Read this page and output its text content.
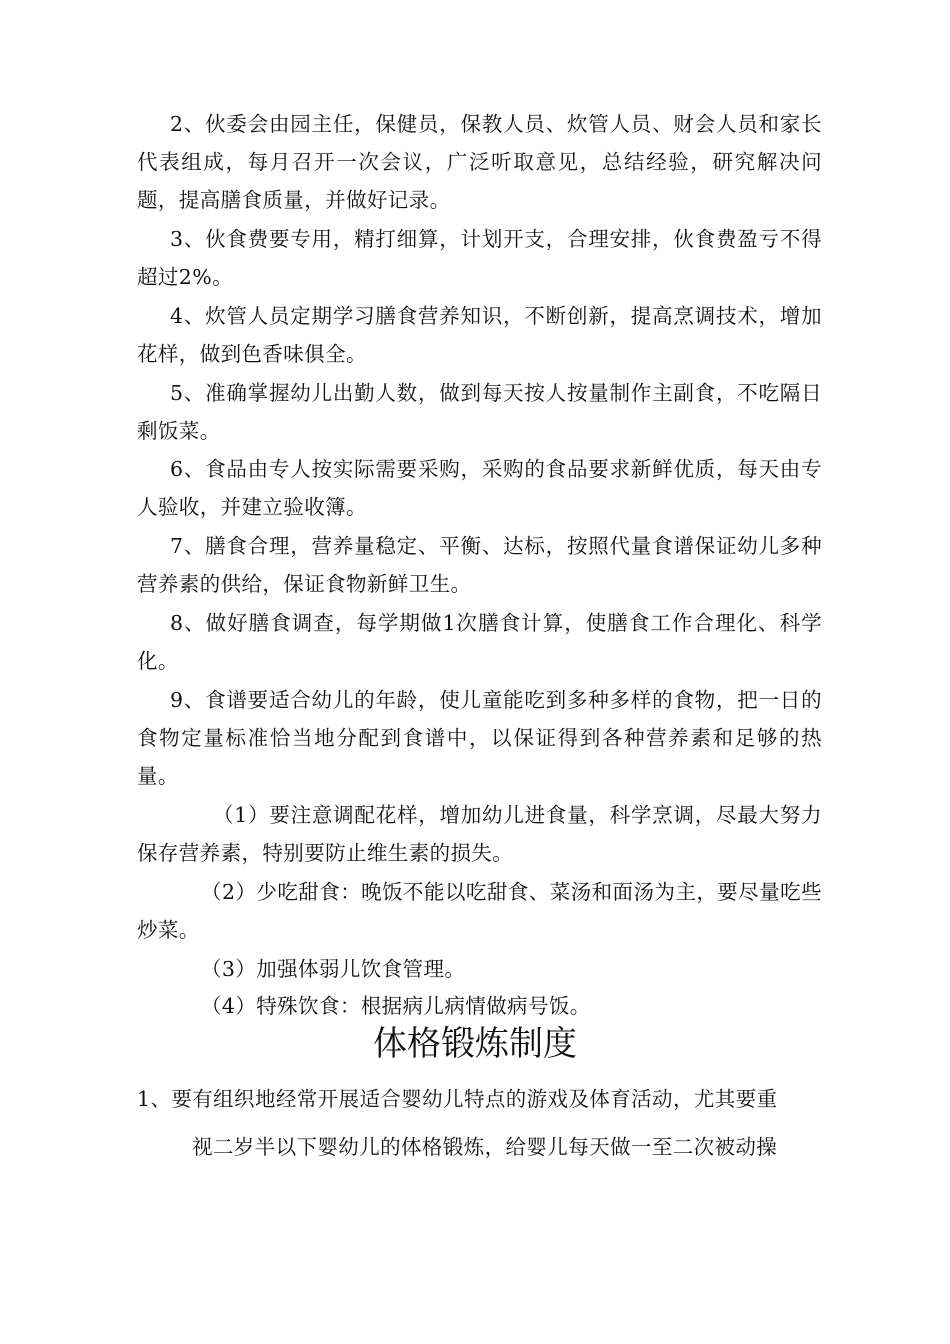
2、伙委会由园主任，保健员，保教人员、炊管人员、财会人员和家长代表组成，每月召开一次会议，广泛听取意见，总结经验，研究解决问题，提高膳食质量，并做好记录。

3、伙食费要专用，精打细算，计划开支，合理安排，伙食费盈亏不得超过2%。

4、炊管人员定期学习膳食营养知识，不断创新，提高烹调技术，增加花样，做到色香味俱全。

5、准确掌握幼儿出勤人数，做到每天按人按量制作主副食，不吃隔日剩饭菜。

6、食品由专人按实际需要采购，采购的食品要求新鲜优质，每天由专人验收，并建立验收簿。

7、膳食合理，营养量稳定、平衡、达标，按照代量食谱保证幼儿多种营养素的供给，保证食物新鲜卫生。

8、做好膳食调查，每学期做1次膳食计算，使膳食工作合理化、科学化。

9、食谱要适合幼儿的年龄，使儿童能吃到多种多样的食物，把一日的食物定量标准恰当地分配到食谱中，以保证得到各种营养素和足够的热量。

（1）要注意调配花样，增加幼儿进食量，科学烹调，尽最大努力保存营养素，特别要防止维生素的损失。

（2）少吃甜食：晚饭不能以吃甜食、菜汤和面汤为主，要尽量吃些炒菜。

（3）加强体弱儿饮食管理。

（4）特殊饮食：根据病儿病情做病号饭。

体格锻炼制度

1、要有组织地经常开展适合婴幼儿特点的游戏及体育活动，尤其要重

视二岁半以下婴幼儿的体格锻炼，给婴儿每天做一至二次被动操
